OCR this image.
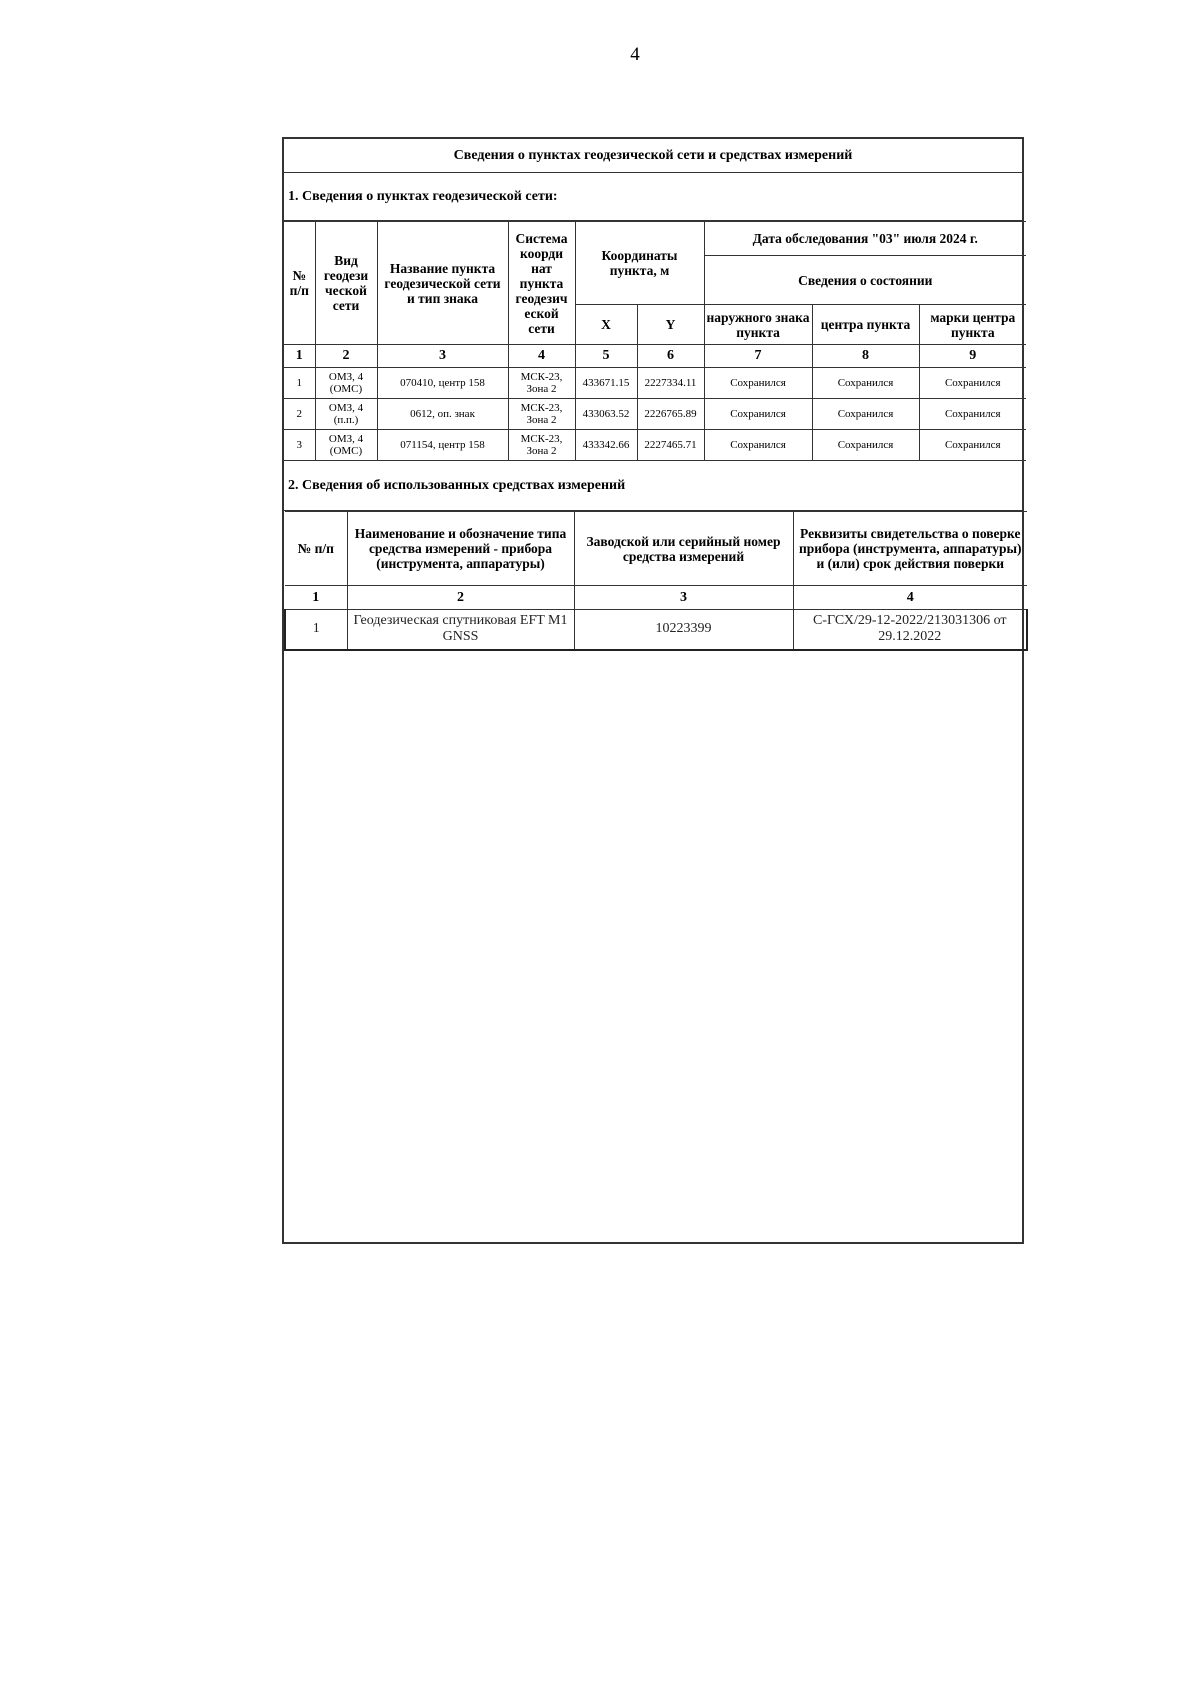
4
Сведения о пунктах геодезической сети и средствах измерений
1. Сведения о пунктах геодезической сети:
№ п/п	Вид геодези ческой сети	Название пункта геодезической сети и тип знака	Система коорди нат пункта геодезич еской сети	Координаты пункта, м		Дата обследования "03" июля 2024 г.		
						Сведения о состоянии		
				X	Y	наружного знака пункта	центра пункта	марки центра пункта
1	2	3	4	5	6	7	8	9
1	ОМЗ, 4 (ОМС)	070410, центр 158	МСК-23, Зона 2	433671.15	2227334.11	Сохранился	Сохранился	Сохранился
2	ОМЗ, 4 (п.п.)	0612, оп. знак	МСК-23, Зона 2	433063.52	2226765.89	Сохранился	Сохранился	Сохранился
3	ОМЗ, 4 (ОМС)	071154, центр 158	МСК-23, Зона 2	433342.66	2227465.71	Сохранился	Сохранился	Сохранился
2. Сведения об использованных средствах измерений
№ п/п	Наименование и обозначение типа средства измерений - прибора (инструмента, аппаратуры)	Заводской или серийный номер средства измерений	Реквизиты свидетельства о поверке прибора (инструмента, аппаратуры) и (или) срок действия поверки
1	2	3	4
1	Геодезическая спутниковая EFT M1 GNSS	10223399	С-ГСХ/29-12-2022/213031306 от 29.12.2022
